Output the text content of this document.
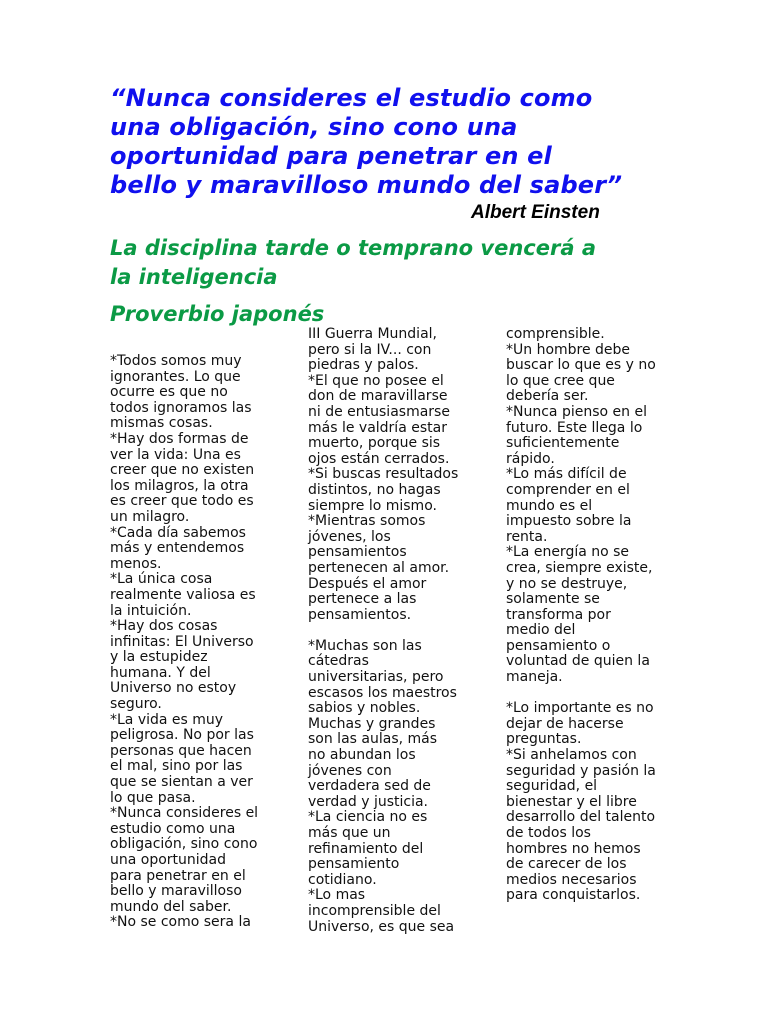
“Nunca consideres el estudio como
una obligación, sino cono una
oportunidad para penetrar en el
bello y maravilloso mundo del saber”
Albert Einsten
La disciplina tarde o temprano vencerá a
la inteligencia
Proverbio japonés

*Todos somos muy

ignorantes. Lo que

ocurre es que no

todos ignoramos las

mismas cosas.

*Hay dos formas de

ver la vida: Una es

creer que no existen

los milagros, la otra

es creer que todo es

un milagro.

*Cada día sabemos

más y entendemos

menos.

*La única cosa

realmente valiosa es

la intuición.

*Hay dos cosas

infinitas: El Universo

y la estupidez

humana. Y del

Universo no estoy

seguro.

*La vida es muy

peligrosa. No por las

personas que hacen

el mal, sino por las

que se sientan a ver

lo que pasa.

*Nunca consideres el

estudio como una

obligación, sino cono

una oportunidad

para penetrar en el

bello y maravilloso

mundo del saber.

*No se como sera la

III Guerra Mundial,

pero si la IV... con

piedras y palos.

*El que no posee el

don de maravillarse

ni de entusiasmarse

más le valdría estar

muerto, porque sis

ojos están cerrados.

*Si buscas resultados

distintos, no hagas

siempre lo mismo.

*Mientras somos

jóvenes, los

pensamientos

pertenecen al amor.

Después el amor

pertenece a las

pensamientos.

*Muchas son las

cátedras

universitarias, pero

escasos los maestros

sabios y nobles.

Muchas y grandes

son las aulas, más

no abundan los

jóvenes con

verdadera sed de

verdad y justicia.

*La ciencia no es

más que un

refinamiento del

pensamiento

cotidiano.

*Lo mas

incomprensible del

Universo, es que sea

comprensible.

*Un hombre debe

buscar lo que es y no

lo que cree que

debería ser.

*Nunca pienso en el

futuro. Este llega lo

suficientemente

rápido.

*Lo más difícil de

comprender en el

mundo es el

impuesto sobre la

renta.

*La energía no se

crea, siempre existe,

y no se destruye,

solamente se

transforma por

medio del

pensamiento o

voluntad de quien la

maneja.

*Lo importante es no

dejar de hacerse

preguntas.

*Si anhelamos con

seguridad y pasión la

seguridad, el

bienestar y el libre

desarrollo del talento

de todos los

hombres no hemos

de carecer de los

medios necesarios

para conquistarlos.
